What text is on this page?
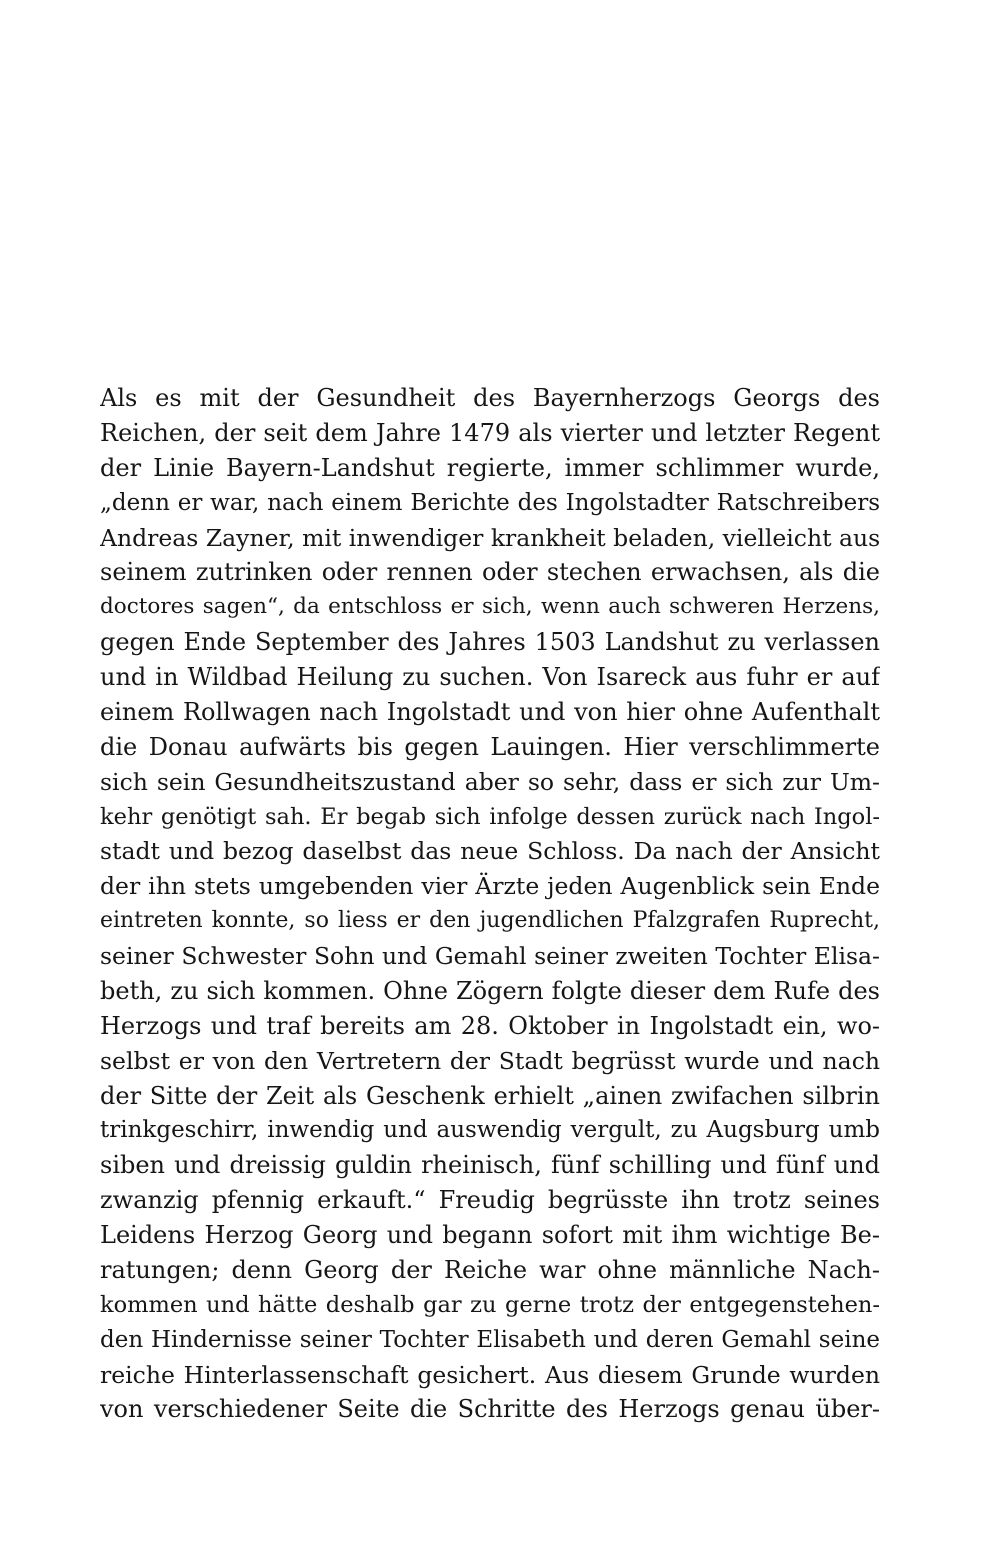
Als es mit der Gesundheit des Bayernherzogs Georgs des
Reichen, der seit dem Jahre 1479 als vierter und letzter Regent
der Linie Bayern-Landshut regierte, immer schlimmer wurde,
„denn er war, nach einem Berichte des Ingolstadter Ratschreibers
Andreas Zayner, mit inwendiger krankheit beladen, vielleicht aus
seinem zutrinken oder rennen oder stechen erwachsen, als die
doctores sagen“, da entschloss er sich, wenn auch schweren Herzens,
gegen Ende September des Jahres 1503 Landshut zu verlassen
und in Wildbad Heilung zu suchen. Von Isareck aus fuhr er auf
einem Rollwagen nach Ingolstadt und von hier ohne Aufenthalt
die Donau aufwärts bis gegen Lauingen. Hier verschlimmerte
sich sein Gesundheitszustand aber so sehr, dass er sich zur Um-
kehr genötigt sah. Er begab sich infolge dessen zurück nach Ingol-
stadt und bezog daselbst das neue Schloss. Da nach der Ansicht
der ihn stets umgebenden vier Ärzte jeden Augenblick sein Ende
eintreten konnte, so liess er den jugendlichen Pfalzgrafen Ruprecht,
seiner Schwester Sohn und Gemahl seiner zweiten Tochter Elisa-
beth, zu sich kommen. Ohne Zögern folgte dieser dem Rufe des
Herzogs und traf bereits am 28. Oktober in Ingolstadt ein, wo-
selbst er von den Vertretern der Stadt begrüsst wurde und nach
der Sitte der Zeit als Geschenk erhielt „ainen zwifachen silbrin
trinkgeschirr, inwendig und auswendig vergult, zu Augsburg umb
siben und dreissig guldin rheinisch, fünf schilling und fünf und
zwanzig pfennig erkauft.“ Freudig begrüsste ihn trotz seines
Leidens Herzog Georg und begann sofort mit ihm wichtige Be-
ratungen; denn Georg der Reiche war ohne männliche Nach-
kommen und hätte deshalb gar zu gerne trotz der entgegenstehen-
den Hindernisse seiner Tochter Elisabeth und deren Gemahl seine
reiche Hinterlassenschaft gesichert. Aus diesem Grunde wurden
von verschiedener Seite die Schritte des Herzogs genau über-
